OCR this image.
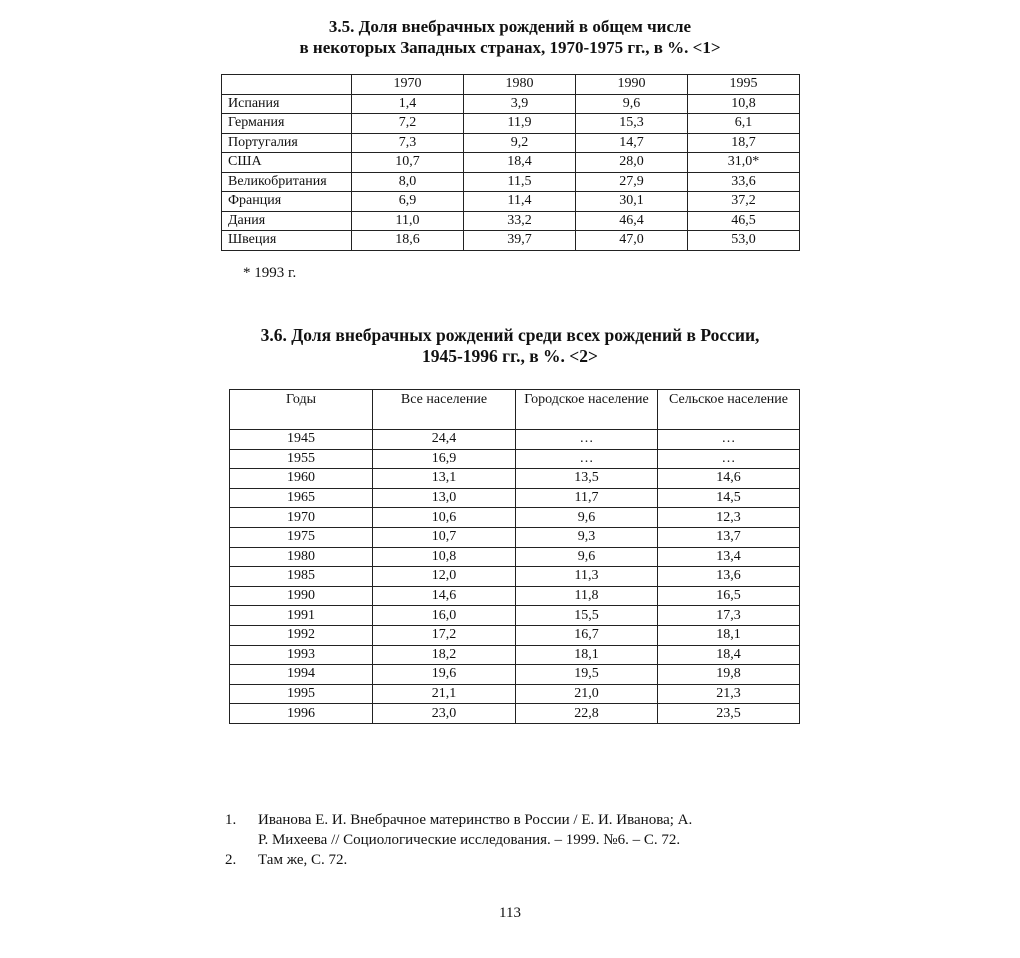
3.5. Доля внебрачных рождений в общем числе
в некоторых Западных странах, 1970-1975 гг., в %. <1>
	1970	1980	1990	1995
Испания	1,4	3,9	9,6	10,8
Германия	7,2	11,9	15,3	6,1
Португалия	7,3	9,2	14,7	18,7
США	10,7	18,4	28,0	31,0*
Великобритания	8,0	11,5	27,9	33,6
Франция	6,9	11,4	30,1	37,2
Дания	11,0	33,2	46,4	46,5
Швеция	18,6	39,7	47,0	53,0
* 1993 г.
3.6. Доля внебрачных рождений среди всех рождений в России,
1945-1996 гг., в %. <2>
Годы	Все население	Городское население	Сельское население
1945	24,4	…	…
1955	16,9	…	…
1960	13,1	13,5	14,6
1965	13,0	11,7	14,5
1970	10,6	9,6	12,3
1975	10,7	9,3	13,7
1980	10,8	9,6	13,4
1985	12,0	11,3	13,6
1990	14,6	11,8	16,5
1991	16,0	15,5	17,3
1992	17,2	16,7	18,1
1993	18,2	18,1	18,4
1994	19,6	19,5	19,8
1995	21,1	21,0	21,3
1996	23,0	22,8	23,5
1. Иванова Е. И. Внебрачное материнство в России / Е. И. Иванова; А.
Р. Михеева // Социологические исследования. – 1999. №6. – С. 72.
2. Там же, С. 72.
113
